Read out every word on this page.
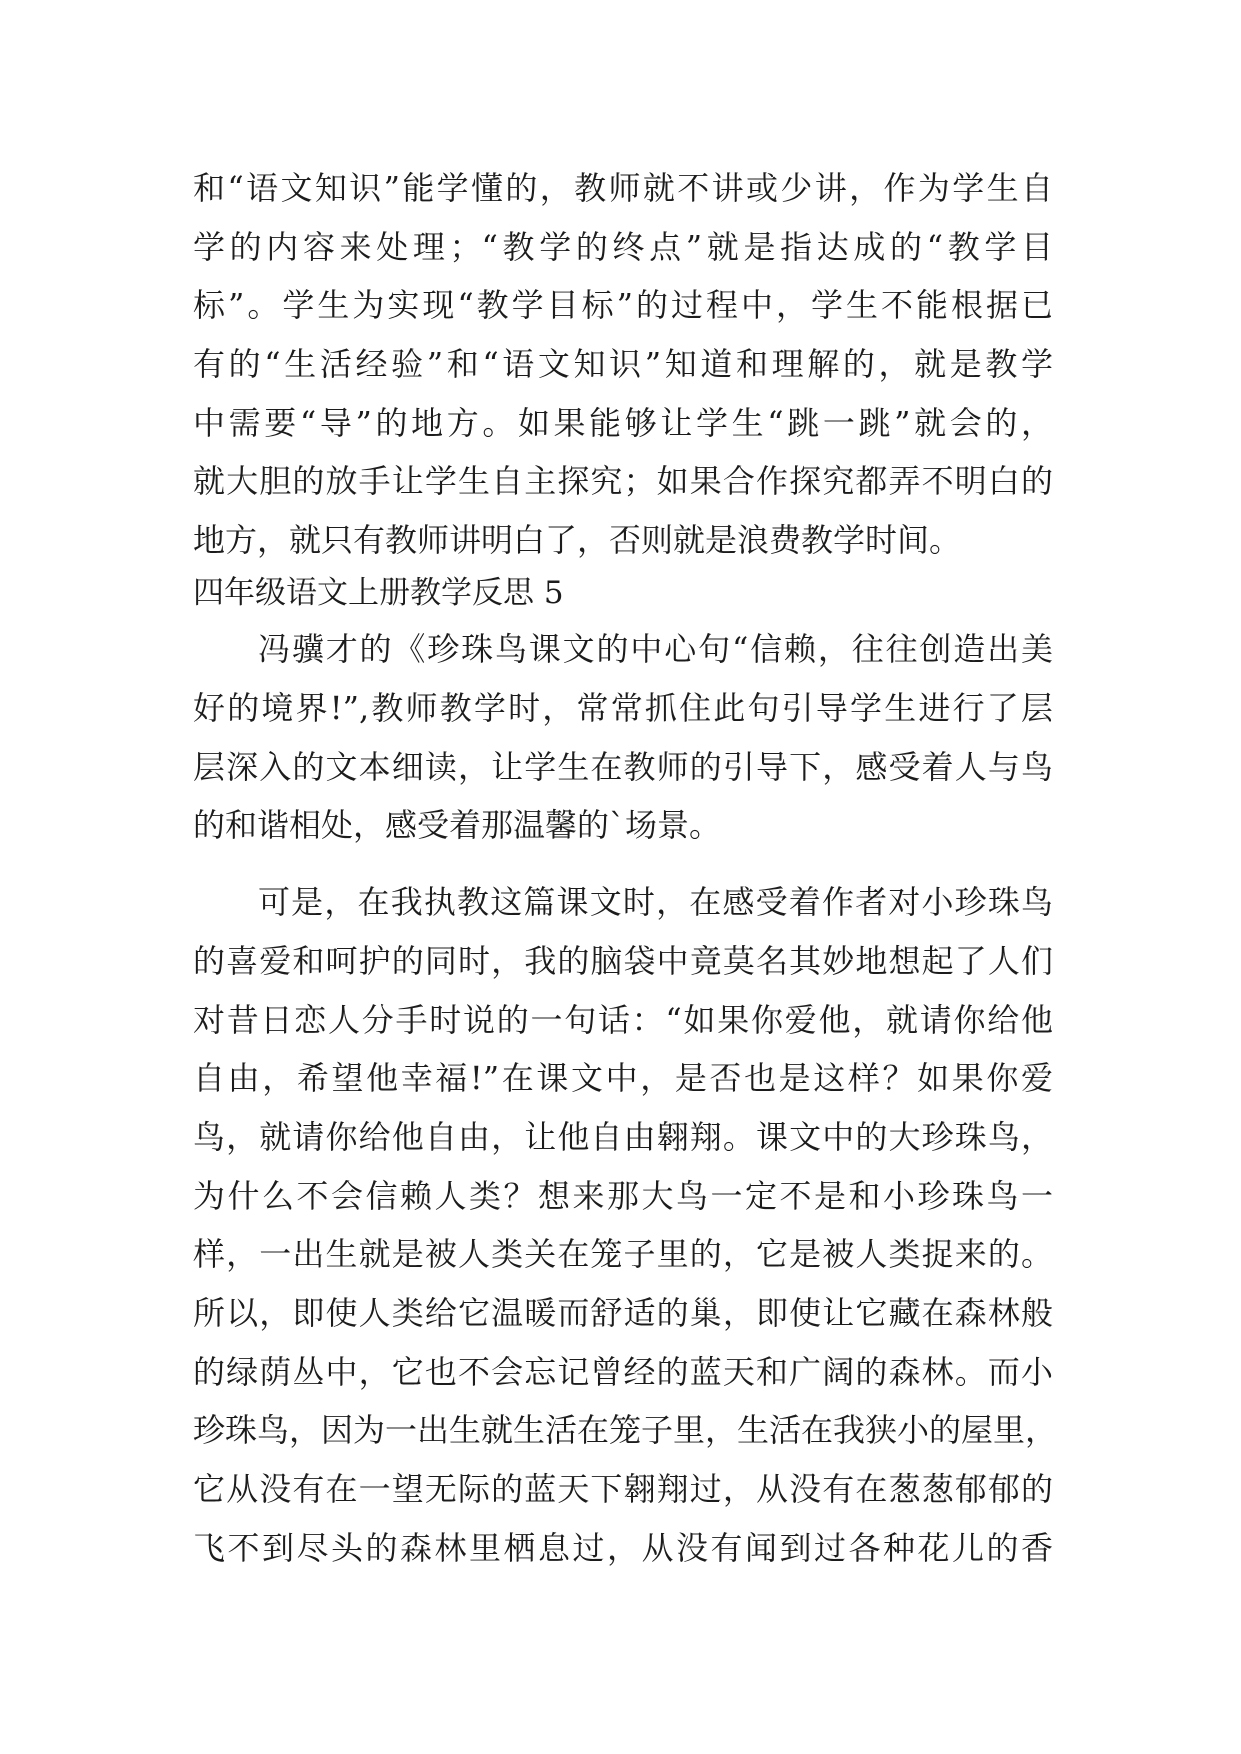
和“语文知识”能学懂的，教师就不讲或少讲，作为学生自
学的内容来处理；“教学的终点”就是指达成的“教学目
标”。学生为实现“教学目标”的过程中，学生不能根据已
有的“生活经验”和“语文知识”知道和理解的，就是教学
中需要“导”的地方。如果能够让学生“跳一跳”就会的，
就大胆的放手让学生自主探究；如果合作探究都弄不明白的
地方，就只有教师讲明白了，否则就是浪费教学时间。
四年级语文上册教学反思 5
冯骥才的《珍珠鸟课文的中心句“信赖，往往创造出美
好的境界!”,教师教学时，常常抓住此句引导学生进行了层
层深入的文本细读，让学生在教师的引导下，感受着人与鸟
的和谐相处，感受着那温馨的`场景。
可是，在我执教这篇课文时，在感受着作者对小珍珠鸟
的喜爱和呵护的同时，我的脑袋中竟莫名其妙地想起了人们
对昔日恋人分手时说的一句话：“如果你爱他，就请你给他
自由，希望他幸福!”在课文中，是否也是这样？如果你爱
鸟，就请你给他自由，让他自由翱翔。课文中的大珍珠鸟，
为什么不会信赖人类？想来那大鸟一定不是和小珍珠鸟一
样，一出生就是被人类关在笼子里的，它是被人类捉来的。
所以，即使人类给它温暖而舒适的巢，即使让它藏在森林般
的绿荫丛中，它也不会忘记曾经的蓝天和广阔的森林。而小
珍珠鸟，因为一出生就生活在笼子里，生活在我狭小的屋里，
它从没有在一望无际的蓝天下翱翔过，从没有在葱葱郁郁的
飞不到尽头的森林里栖息过，从没有闻到过各种花儿的香
